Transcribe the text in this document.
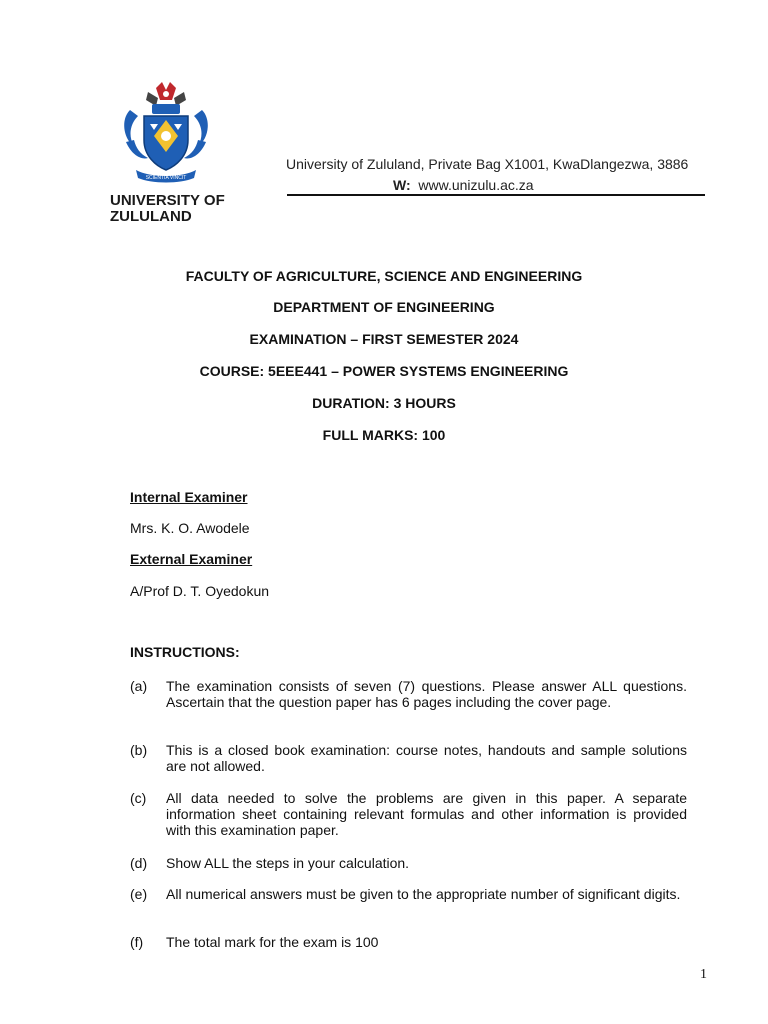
SCIENTIA VINCIT
UNIVERSITY OF
ZULULAND
University of Zululand, Private Bag X1001, KwaDlangezwa, 3886
W: www.unizulu.ac.za
FACULTY OF AGRICULTURE, SCIENCE AND ENGINEERING
DEPARTMENT OF ENGINEERING
EXAMINATION – FIRST SEMESTER 2024
COURSE: 5EEE441 – POWER SYSTEMS ENGINEERING
DURATION: 3 HOURS
FULL MARKS: 100
Internal Examiner
Mrs. K. O. Awodele
External Examiner
A/Prof D. T. Oyedokun
INSTRUCTIONS:
(a)	The examination consists of seven (7) questions. Please answer ALL questions. Ascertain that the question paper has 6 pages including the cover page.
(b)	This is a closed book examination: course notes, handouts and sample solutions are not allowed.
(c)	All data needed to solve the problems are given in this paper. A separate information sheet containing relevant formulas and other information is provided with this examination paper.
(d)	Show ALL the steps in your calculation.
(e)	All numerical answers must be given to the appropriate number of significant digits.
(f)	The total mark for the exam is 100
1
